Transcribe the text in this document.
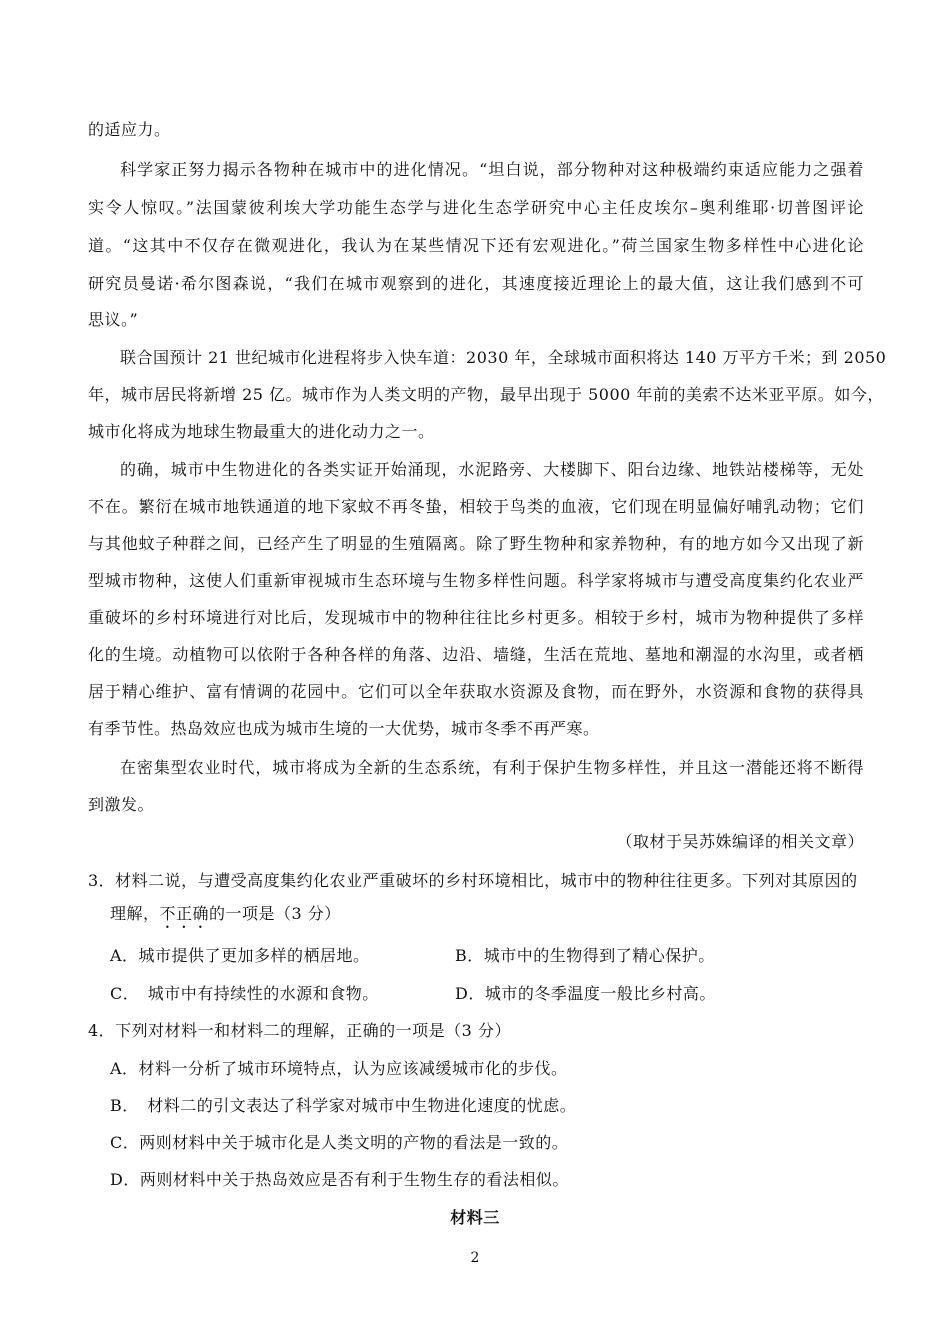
的适应力。
科学家正努力揭示各物种在城市中的进化情况。“坦白说，部分物种对这种极端约束适应能力之强着
实令人惊叹。”法国蒙彼利埃大学功能生态学与进化生态学研究中心主任皮埃尔–奥利维耶·切普图评论
道。“这其中不仅存在微观进化，我认为在某些情况下还有宏观进化。”荷兰国家生物多样性中心进化论
研究员曼诺·希尔图森说，“我们在城市观察到的进化，其速度接近理论上的最大值，这让我们感到不可
思议。”
联合国预计 21 世纪城市化进程将步入快车道：2030 年，全球城市面积将达 140 万平方千米；到 2050
年，城市居民将新增 25 亿。城市作为人类文明的产物，最早出现于 5000 年前的美索不达米亚平原。如今，
城市化将成为地球生物最重大的进化动力之一。
的确，城市中生物进化的各类实证开始涌现，水泥路旁、大楼脚下、阳台边缘、地铁站楼梯等，无处
不在。繁衍在城市地铁通道的地下家蚊不再冬蛰，相较于鸟类的血液，它们现在明显偏好哺乳动物；它们
与其他蚊子种群之间，已经产生了明显的生殖隔离。除了野生物种和家养物种，有的地方如今又出现了新
型城市物种，这使人们重新审视城市生态环境与生物多样性问题。科学家将城市与遭受高度集约化农业严
重破坏的乡村环境进行对比后，发现城市中的物种往往比乡村更多。相较于乡村，城市为物种提供了多样
化的生境。动植物可以依附于各种各样的角落、边沿、墙缝，生活在荒地、墓地和潮湿的水沟里，或者栖
居于精心维护、富有情调的花园中。它们可以全年获取水资源及食物，而在野外，水资源和食物的获得具
有季节性。热岛效应也成为城市生境的一大优势，城市冬季不再严寒。
在密集型农业时代，城市将成为全新的生态系统，有利于保护生物多样性，并且这一潜能还将不断得
到激发。
（取材于吴苏姝编译的相关文章）
3．材料二说，与遭受高度集约化农业严重破坏的乡村环境相比，城市中的物种往往更多。下列对其原因的
理解，不正确的一项是（3 分）
A．城市提供了更加多样的栖居地。	B．城市中的生物得到了精心保护。
C．　城市中有持续性的水源和食物。	D．城市的冬季温度一般比乡村高。
4．下列对材料一和材料二的理解，正确的一项是（3 分）
A．材料一分析了城市环境特点，认为应该减缓城市化的步伐。
B．　材料二的引文表达了科学家对城市中生物进化速度的忧虑。
C．两则材料中关于城市化是人类文明的产物的看法是一致的。
D．两则材料中关于热岛效应是否有利于生物生存的看法相似。
材料三
2
